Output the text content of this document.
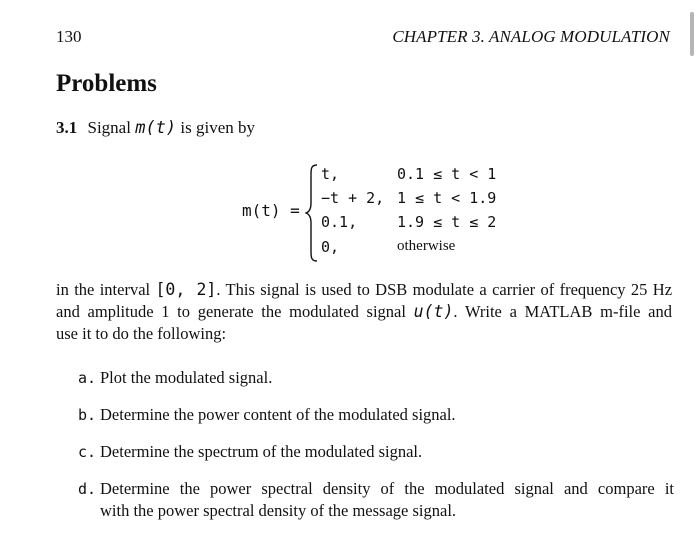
130	CHAPTER 3. ANALOG MODULATION
Problems
3.1 Signal m(t) is given by
m(t) =
t,	0.1 ≤ t < 1
−t + 2, 1 ≤ t < 1.9
0.1,	1.9 ≤ t ≤ 2
0,	otherwise
in the interval [0, 2]. This signal is used to DSB modulate a carrier of frequency 25 Hz
and amplitude 1 to generate the modulated signal u(t). Write a MATLAB m-file and
use it to do the following:
a. Plot the modulated signal.
b. Determine the power content of the modulated signal.
c. Determine the spectrum of the modulated signal.
d. Determine the power spectral density of the modulated signal and compare it
with the power spectral density of the message signal.
